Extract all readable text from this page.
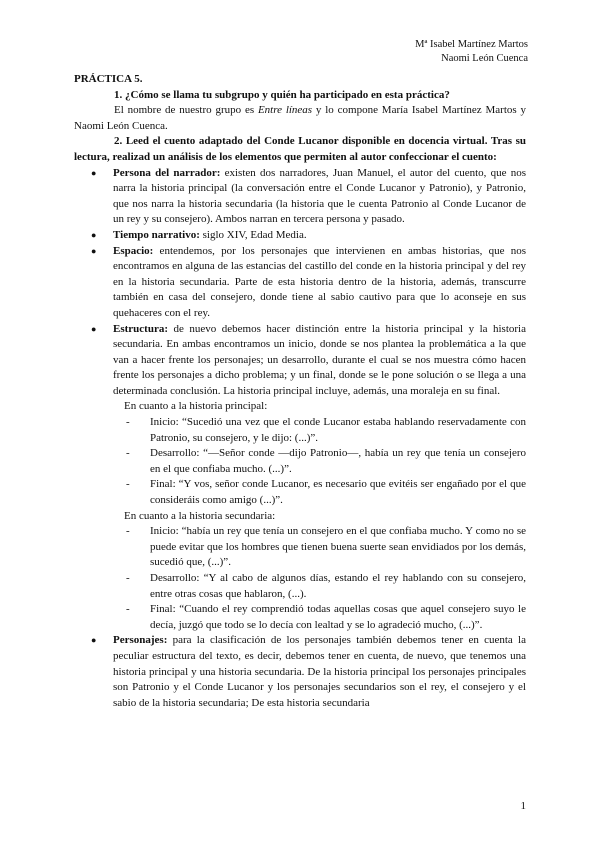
Mª Isabel Martínez Martos
Naomi León Cuenca

PRÁCTICA 5.

1. ¿Cómo se llama tu subgrupo y quién ha participado en esta práctica?

El nombre de nuestro grupo es Entre líneas y lo compone María Isabel Martínez Martos y Naomi León Cuenca.

2. Leed el cuento adaptado del Conde Lucanor disponible en docencia virtual. Tras su lectura, realizad un análisis de los elementos que permiten al autor confeccionar el cuento:

● Persona del narrador: existen dos narradores, Juan Manuel, el autor del cuento, que nos narra la historia principal (la conversación entre el Conde Lucanor y Patronio), y Patronio, que nos narra la historia secundaria (la historia que le cuenta Patronio al Conde Lucanor de un rey y su consejero). Ambos narran en tercera persona y pasado.
● Tiempo narrativo: siglo XIV, Edad Media.
● Espacio: entendemos, por los personajes que intervienen en ambas historias, que nos encontramos en alguna de las estancias del castillo del conde en la historia principal y del rey en la historia secundaria. Parte de esta historia dentro de la historia, además, transcurre también en casa del consejero, donde tiene al sabio cautivo para que lo aconseje en sus quehaceres con el rey.
● Estructura: de nuevo debemos hacer distinción entre la historia principal y la historia secundaria. En ambas encontramos un inicio, donde se nos plantea la problemática a la que van a hacer frente los personajes; un desarrollo, durante el cual se nos muestra cómo hacen frente los personajes a dicho problema; y un final, donde se le pone solución o se llega a una determinada conclusión. La historia principal incluye, además, una moraleja en su final.

En cuanto a la historia principal:

- Inicio: “Sucedió una vez que el conde Lucanor estaba hablando reservadamente con Patronio, su consejero, y le dijo: (...)”.
- Desarrollo: “—Señor conde —dijo Patronio—, había un rey que tenía un consejero en el que confiaba mucho. (...)”.
- Final: “Y vos, señor conde Lucanor, es necesario que evitéis ser engañado por el que consideráis como amigo (...)”.

En cuanto a la historia secundaria:

- Inicio: “había un rey que tenía un consejero en el que confiaba mucho. Y como no se puede evitar que los hombres que tienen buena suerte sean envidiados por los demás, sucedió que, (...)”.
- Desarrollo: “Y al cabo de algunos días, estando el rey hablando con su consejero, entre otras cosas que hablaron, (...).
- Final: “Cuando el rey comprendió todas aquellas cosas que aquel consejero suyo le decía, juzgó que todo se lo decía con lealtad y se lo agradeció mucho, (...)”.
● Personajes: para la clasificación de los personajes también debemos tener en cuenta la peculiar estructura del texto, es decir, debemos tener en cuenta, de nuevo, que tenemos una historia principal y una historia secundaria. De la historia principal los personajes principales son Patronio y el Conde Lucanor y los personajes secundarios son el rey, el consejero y el sabio de la historia secundaria; De esta historia secundaria
1
